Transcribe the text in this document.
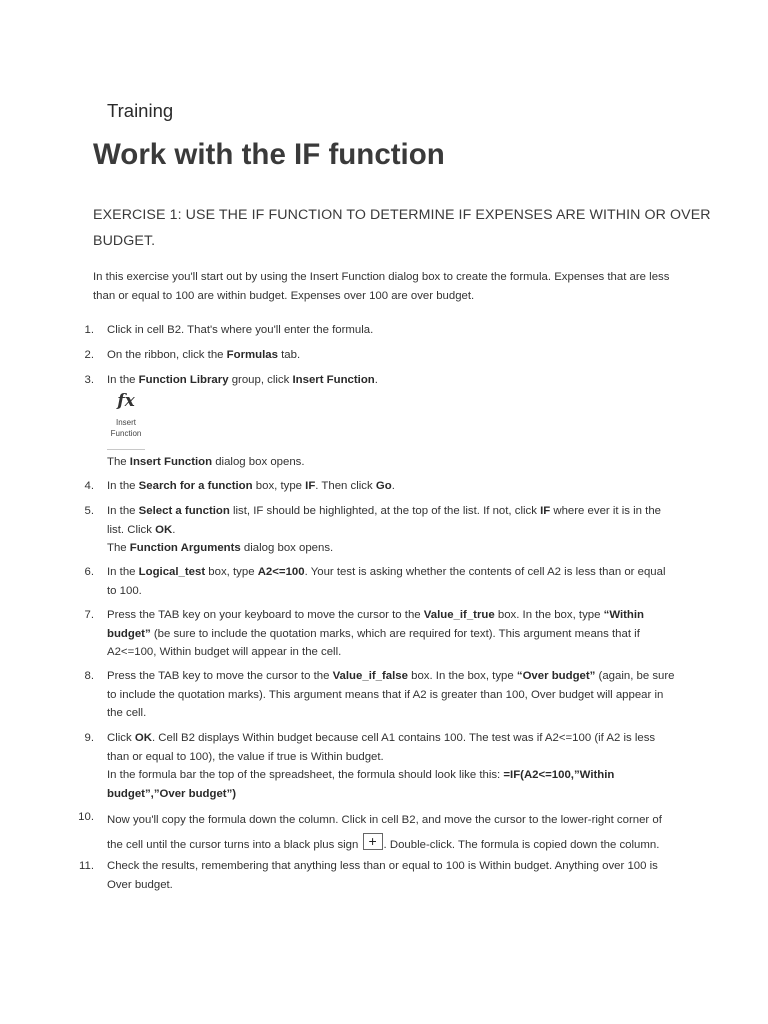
Training
Work with the IF function
EXERCISE 1: USE THE IF FUNCTION TO DETERMINE IF EXPENSES ARE WITHIN OR OVER BUDGET.
In this exercise you'll start out by using the Insert Function dialog box to create the formula. Expenses that are less than or equal to 100 are within budget. Expenses over 100 are over budget.
fx
Insert Function
1. Click in cell B2. That's where you'll enter the formula.
2. On the ribbon, click the Formulas tab.
3. In the Function Library group, click Insert Function.
The Insert Function dialog box opens.
4. In the Search for a function box, type IF. Then click Go.
5. In the Select a function list, IF should be highlighted, at the top of the list. If not, click IF where ever it is in the list. Click OK.
The Function Arguments dialog box opens.
6. In the Logical_test box, type A2<=100. Your test is asking whether the contents of cell A2 is less than or equal to 100.
7. Press the TAB key on your keyboard to move the cursor to the Value_if_true box. In the box, type “Within budget” (be sure to include the quotation marks, which are required for text). This argument means that if A2<=100, Within budget will appear in the cell.
8. Press the TAB key to move the cursor to the Value_if_false box. In the box, type “Over budget” (again, be sure to include the quotation marks). This argument means that if A2 is greater than 100, Over budget will appear in the cell.
9. Click OK. Cell B2 displays Within budget because cell A1 contains 100. The test was if A2<=100 (if A2 is less than or equal to 100), the value if true is Within budget.
In the formula bar the top of the spreadsheet, the formula should look like this: =IF(A2<=100,”Within budget”,”Over budget”)
10. Now you'll copy the formula down the column. Click in cell B2, and move the cursor to the lower-right corner of the cell until the cursor turns into a black plus sign + . Double-click. The formula is copied down the column.
11. Check the results, remembering that anything less than or equal to 100 is Within budget. Anything over 100 is Over budget.
